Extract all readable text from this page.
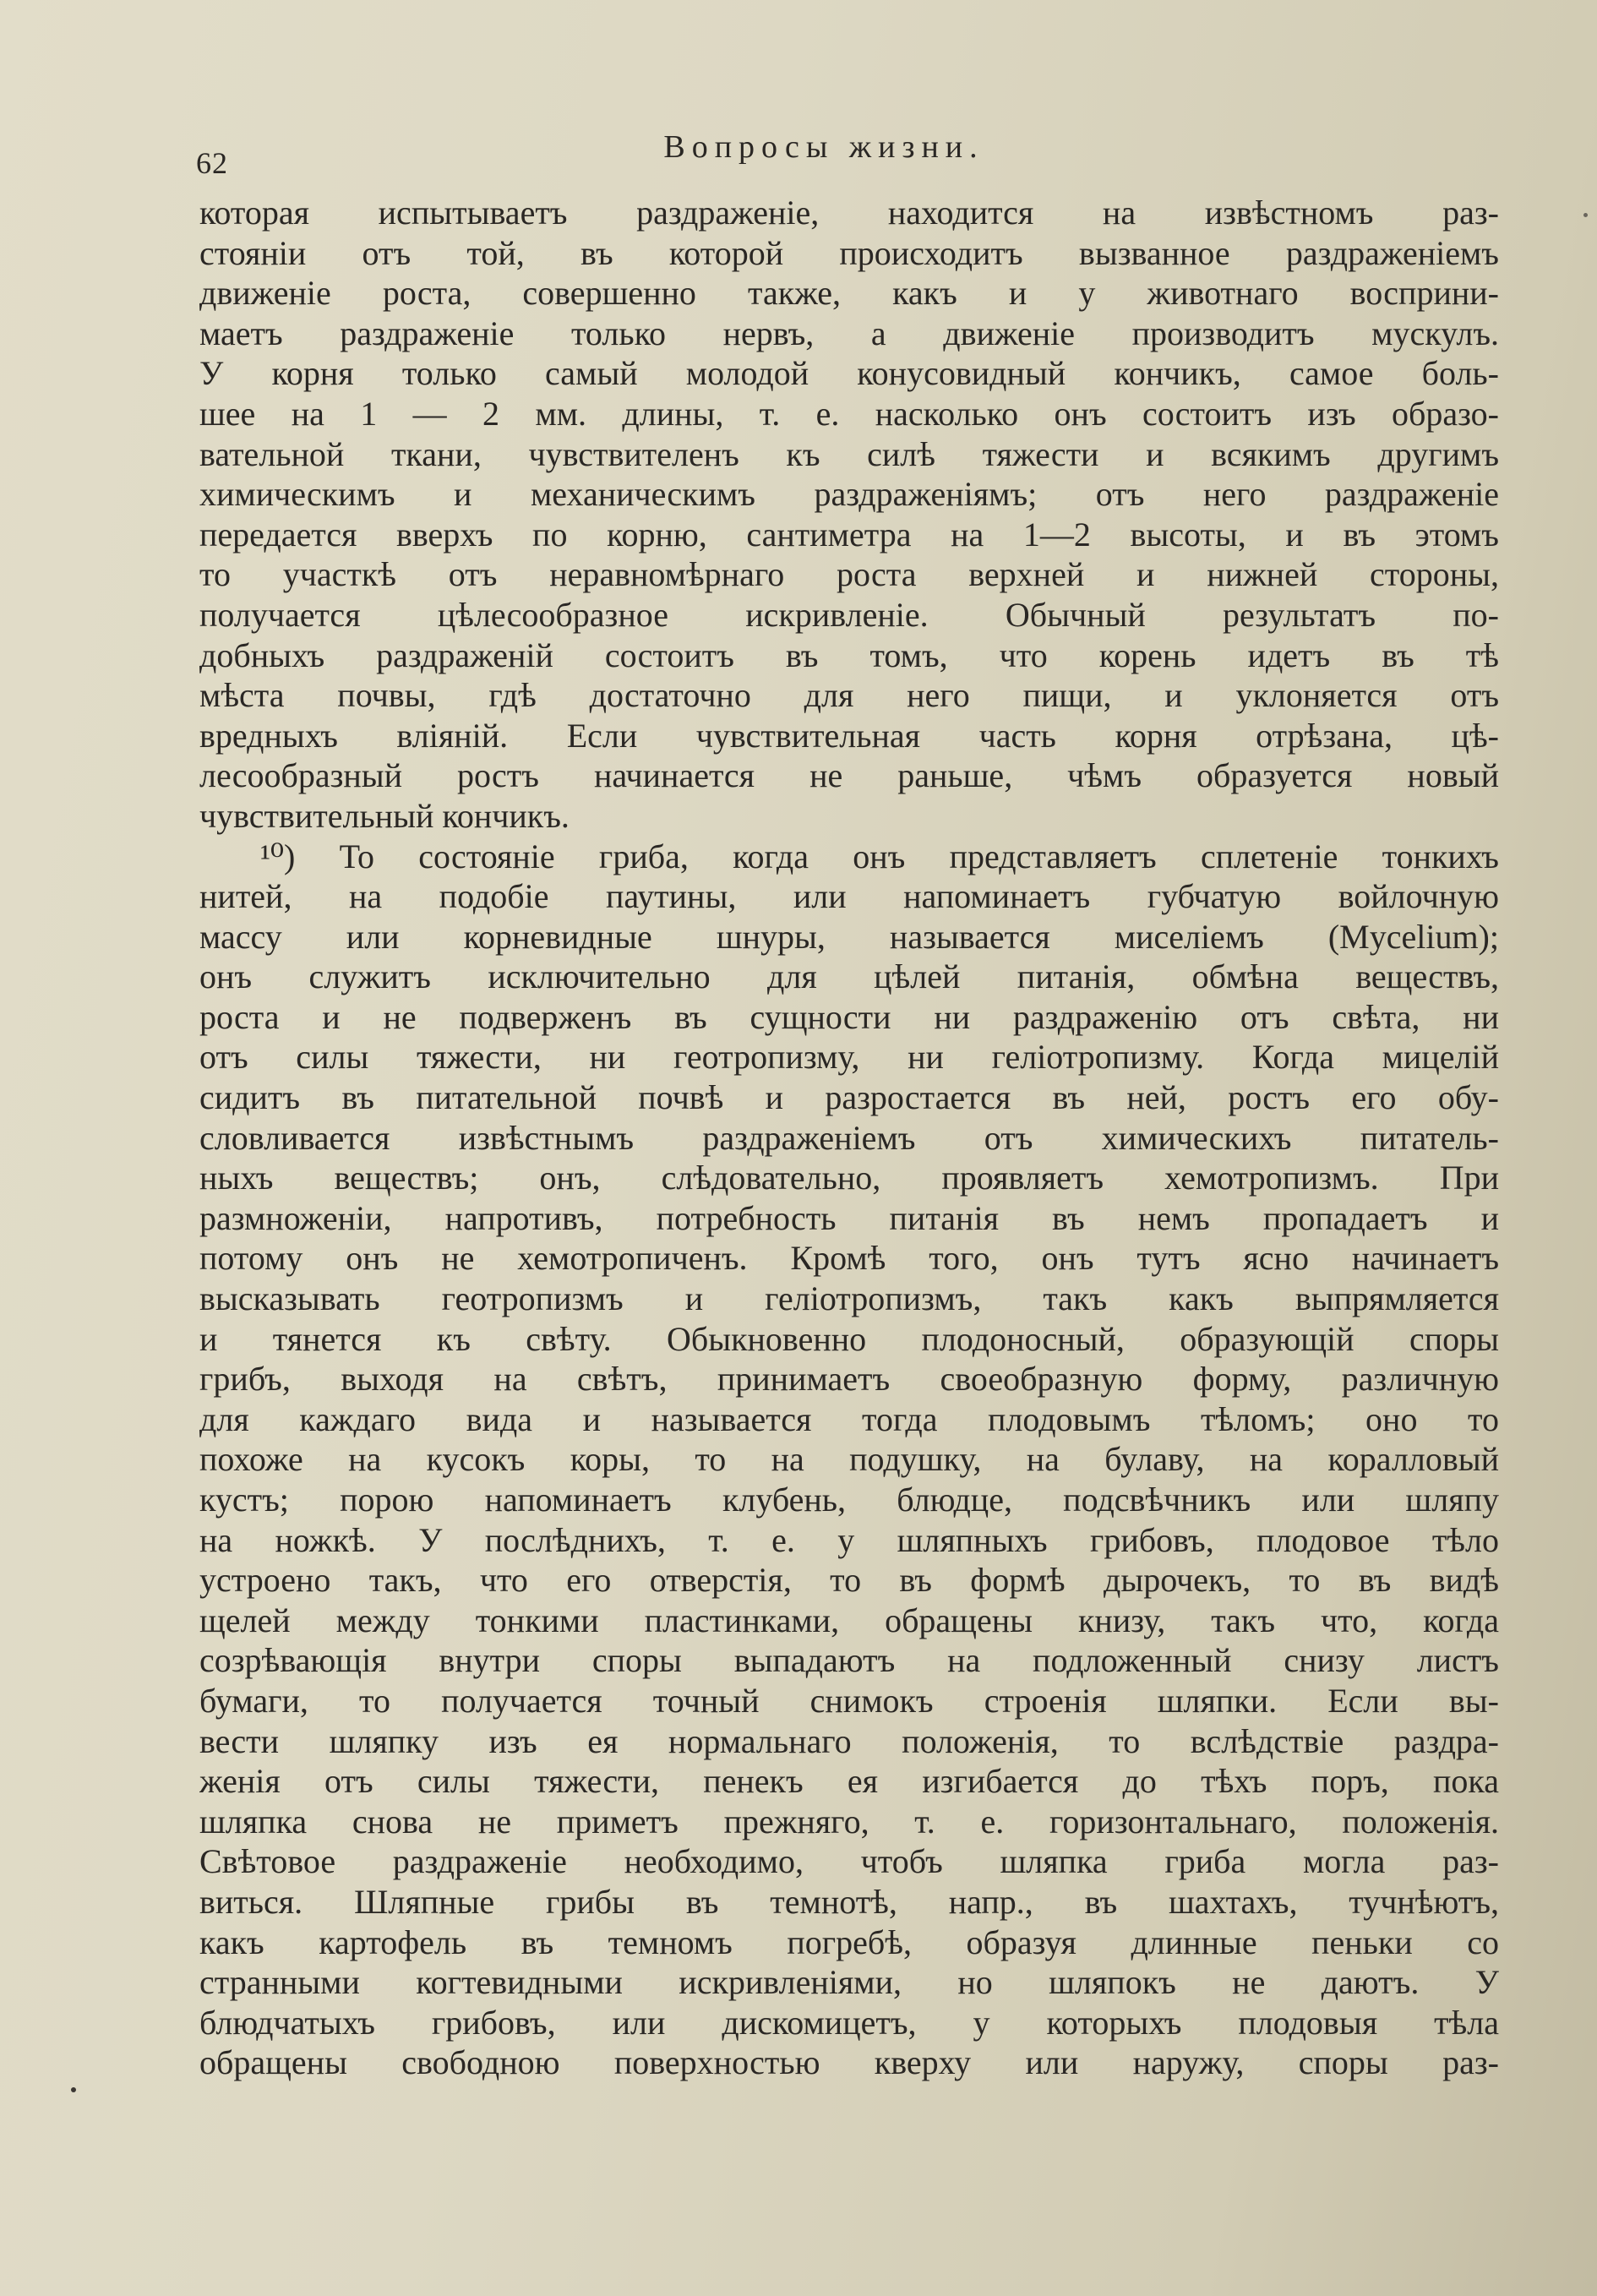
62	Вопросы жизни.
которая испытываетъ раздраженіе, находится на извѣстномъ раз-
стояніи отъ той, въ которой происходитъ вызванное раздраженіемъ
движеніе роста, совершенно также, какъ и у животнаго восприни-
маетъ раздраженіе только нервъ, а движеніе производитъ мускулъ.
У корня только самый молодой конусовидный кончикъ, самое боль-
шее на 1 — 2 мм. длины, т. е. насколько онъ состоитъ изъ образо-
вательной ткани, чувствителенъ къ силѣ тяжести и всякимъ другимъ
химическимъ и механическимъ раздраженіямъ; отъ него раздраженіе
передается вверхъ по корню, сантиметра на 1—2 высоты, и въ этомъ
то участкѣ отъ неравномѣрнаго роста верхней и нижней стороны,
получается цѣлесообразное искривленіе. Обычный результатъ по-
добныхъ раздраженій состоитъ въ томъ, что корень идетъ въ тѣ
мѣста почвы, гдѣ достаточно для него пищи, и уклоняется отъ
вредныхъ вліяній. Если чувствительная часть корня отрѣзана, цѣ-
лесообразный ростъ начинается не раньше, чѣмъ образуется новый
чувствительный кончикъ.
¹⁰) То состояніе гриба, когда онъ представляетъ сплетеніе тонкихъ
нитей, на подобіе паутины, или напоминаетъ губчатую войлочную
массу или корневидные шнуры, называется миceліемъ (Mycelium);
онъ служитъ исключительно для цѣлей питанія, обмѣна веществъ,
роста и не подверженъ въ сущности ни раздраженію отъ свѣта, ни
отъ силы тяжести, ни геотропизму, ни геліотропизму. Когда мицелій
сидитъ въ питательной почвѣ и разростается въ ней, ростъ его обу-
словливается извѣстнымъ раздраженіемъ отъ химическихъ питатель-
ныхъ веществъ; онъ, слѣдовательно, проявляетъ хемотропизмъ. При
размноженіи, напротивъ, потребность питанія въ немъ пропадаетъ и
потому онъ не хемотропиченъ. Кромѣ того, онъ тутъ ясно начинаетъ
высказывать геотропизмъ и геліотропизмъ, такъ какъ выпрямляется
и тянется къ свѣту. Обыкновенно плодоносный, образующій споры
грибъ, выходя на свѣтъ, принимаетъ своеобразную форму, различную
для каждаго вида и называется тогда плодовымъ тѣломъ; оно то
похоже на кусокъ коры, то на подушку, на булаву, на коралловый
кустъ; порою напоминаетъ клубень, блюдце, подсвѣчникъ или шляпу
на ножкѣ. У послѣднихъ, т. е. у шляпныхъ грибовъ, плодовое тѣло
устроено такъ, что его отверстія, то въ формѣ дырочекъ, то въ видѣ
щелей между тонкими пластинками, обращены книзу, такъ что, когда
созрѣвающія внутри споры выпадаютъ на подложенный снизу листъ
бумаги, то получается точный снимокъ строенія шляпки. Если вы-
вести шляпку изъ ея нормальнаго положенія, то вслѣдствіе раздра-
женія отъ силы тяжести, пенекъ ея изгибается до тѣхъ поръ, пока
шляпка снова не приметъ прежняго, т. е. горизонтальнаго, положенія.
Свѣтовое раздраженіе необходимо, чтобъ шляпка гриба могла раз-
виться. Шляпные грибы въ темнотѣ, напр., въ шахтахъ, тучнѣютъ,
какъ картофель въ темномъ погребѣ, образуя длинные пеньки со
странными когтевидными искривленіями, но шляпокъ не даютъ. У
блюдчатыхъ грибовъ, или дискомицетъ, у которыхъ плодовыя тѣла
обращены свободною поверхностью кверху или наружу, споры раз-
